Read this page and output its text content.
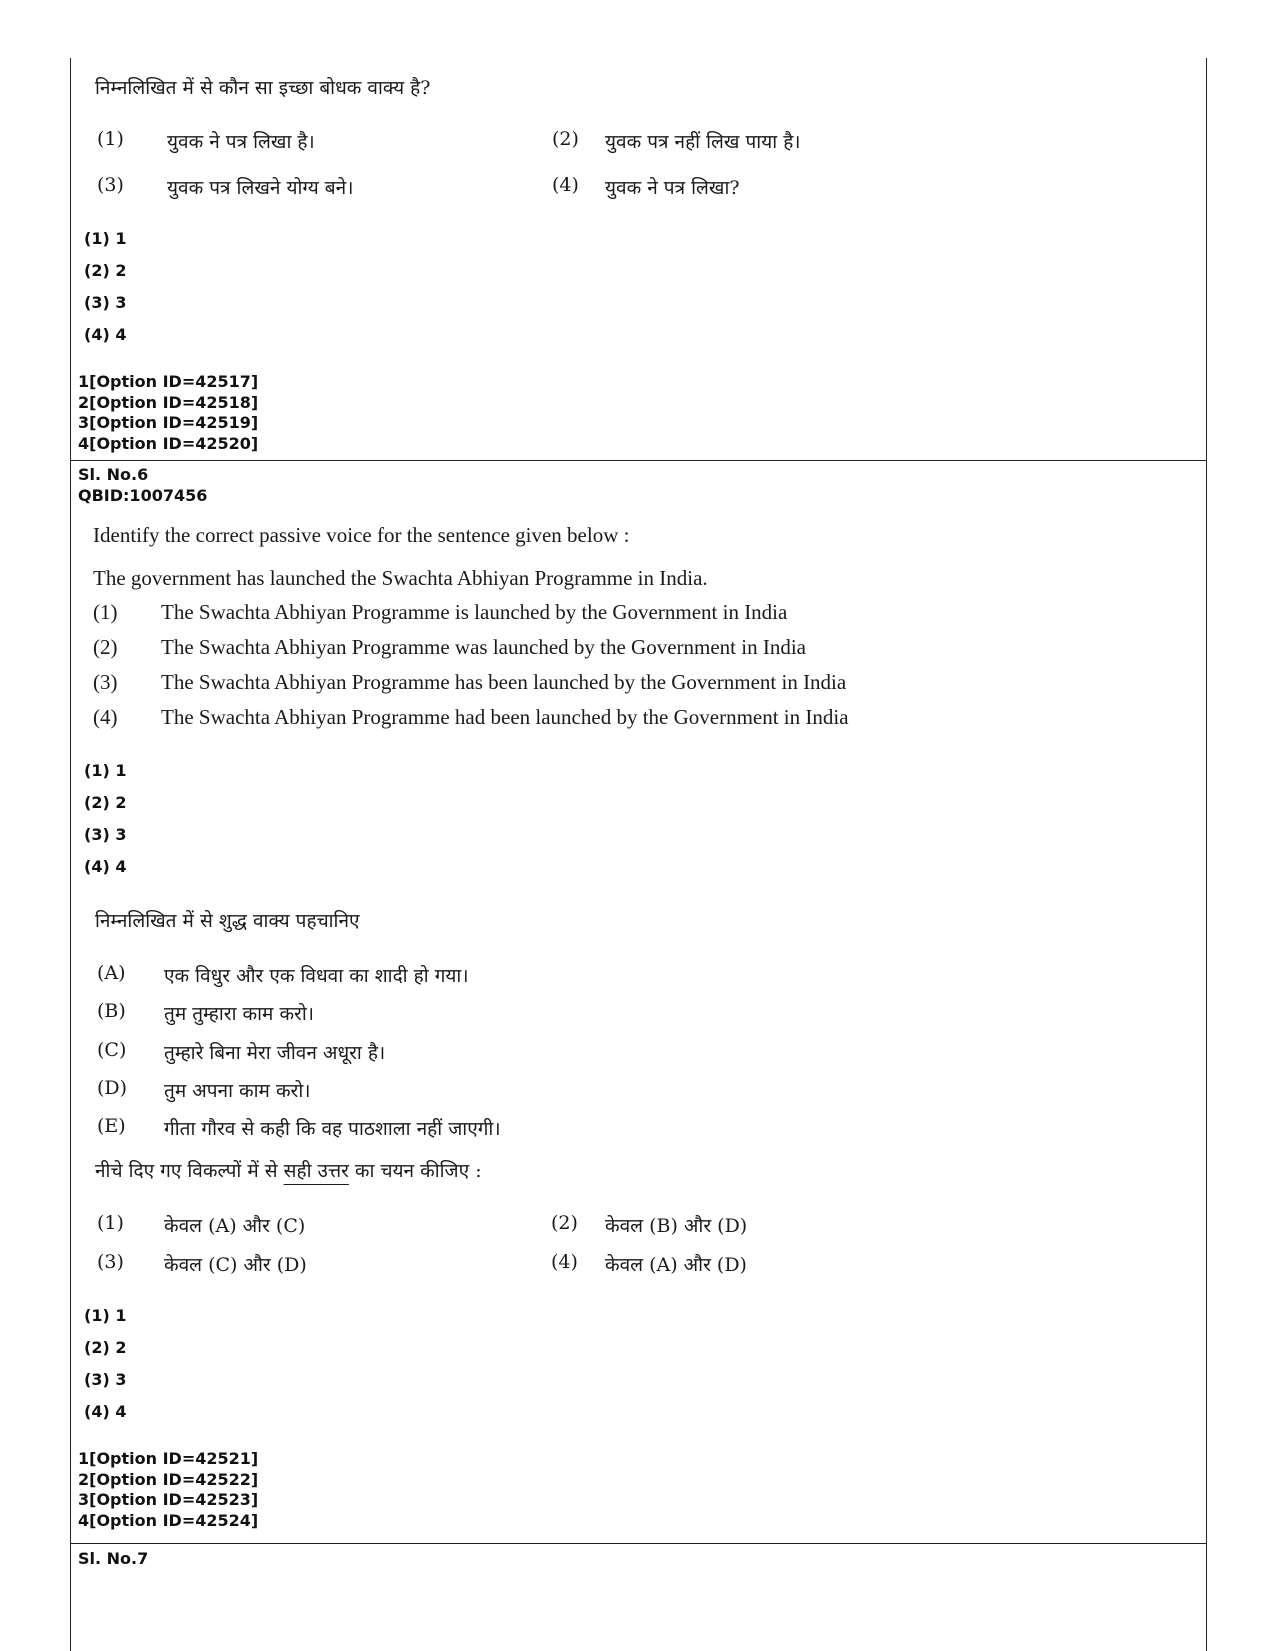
निम्नलिखित में से कौन सा इच्छा बोधक वाक्य है?
(1) युवक ने पत्र लिखा है।	(2) युवक पत्र नहीं लिख पाया है।
(3) युवक पत्र लिखने योग्य बने।	(4) युवक ने पत्र लिखा?
(1) 1
(2) 2
(3) 3
(4) 4
1[Option ID=42517]
2[Option ID=42518]
3[Option ID=42519]
4[Option ID=42520]
Sl. No.6
QBID:1007456
Identify the correct passive voice for the sentence given below :
The government has launched the Swachta Abhiyan Programme in India.
(1) The Swachta Abhiyan Programme is launched by the Government in India
(2) The Swachta Abhiyan Programme was launched by the Government in India
(3) The Swachta Abhiyan Programme has been launched by the Government in India
(4) The Swachta Abhiyan Programme had been launched by the Government in India
(1) 1
(2) 2
(3) 3
(4) 4
निम्नलिखित में से शुद्ध वाक्य पहचानिए
(A) एक विधुर और एक विधवा का शादी हो गया।
(B) तुम तुम्हारा काम करो।
(C) तुम्हारे बिना मेरा जीवन अधूरा है।
(D) तुम अपना काम करो।
(E) गीता गौरव से कही कि वह पाठशाला नहीं जाएगी।
नीचे दिए गए विकल्पों में से सही उत्तर का चयन कीजिए :
(1) केवल (A) और (C)	(2) केवल (B) और (D)
(3) केवल (C) और (D)	(4) केवल (A) और (D)
(1) 1
(2) 2
(3) 3
(4) 4
1[Option ID=42521]
2[Option ID=42522]
3[Option ID=42523]
4[Option ID=42524]
Sl. No.7
